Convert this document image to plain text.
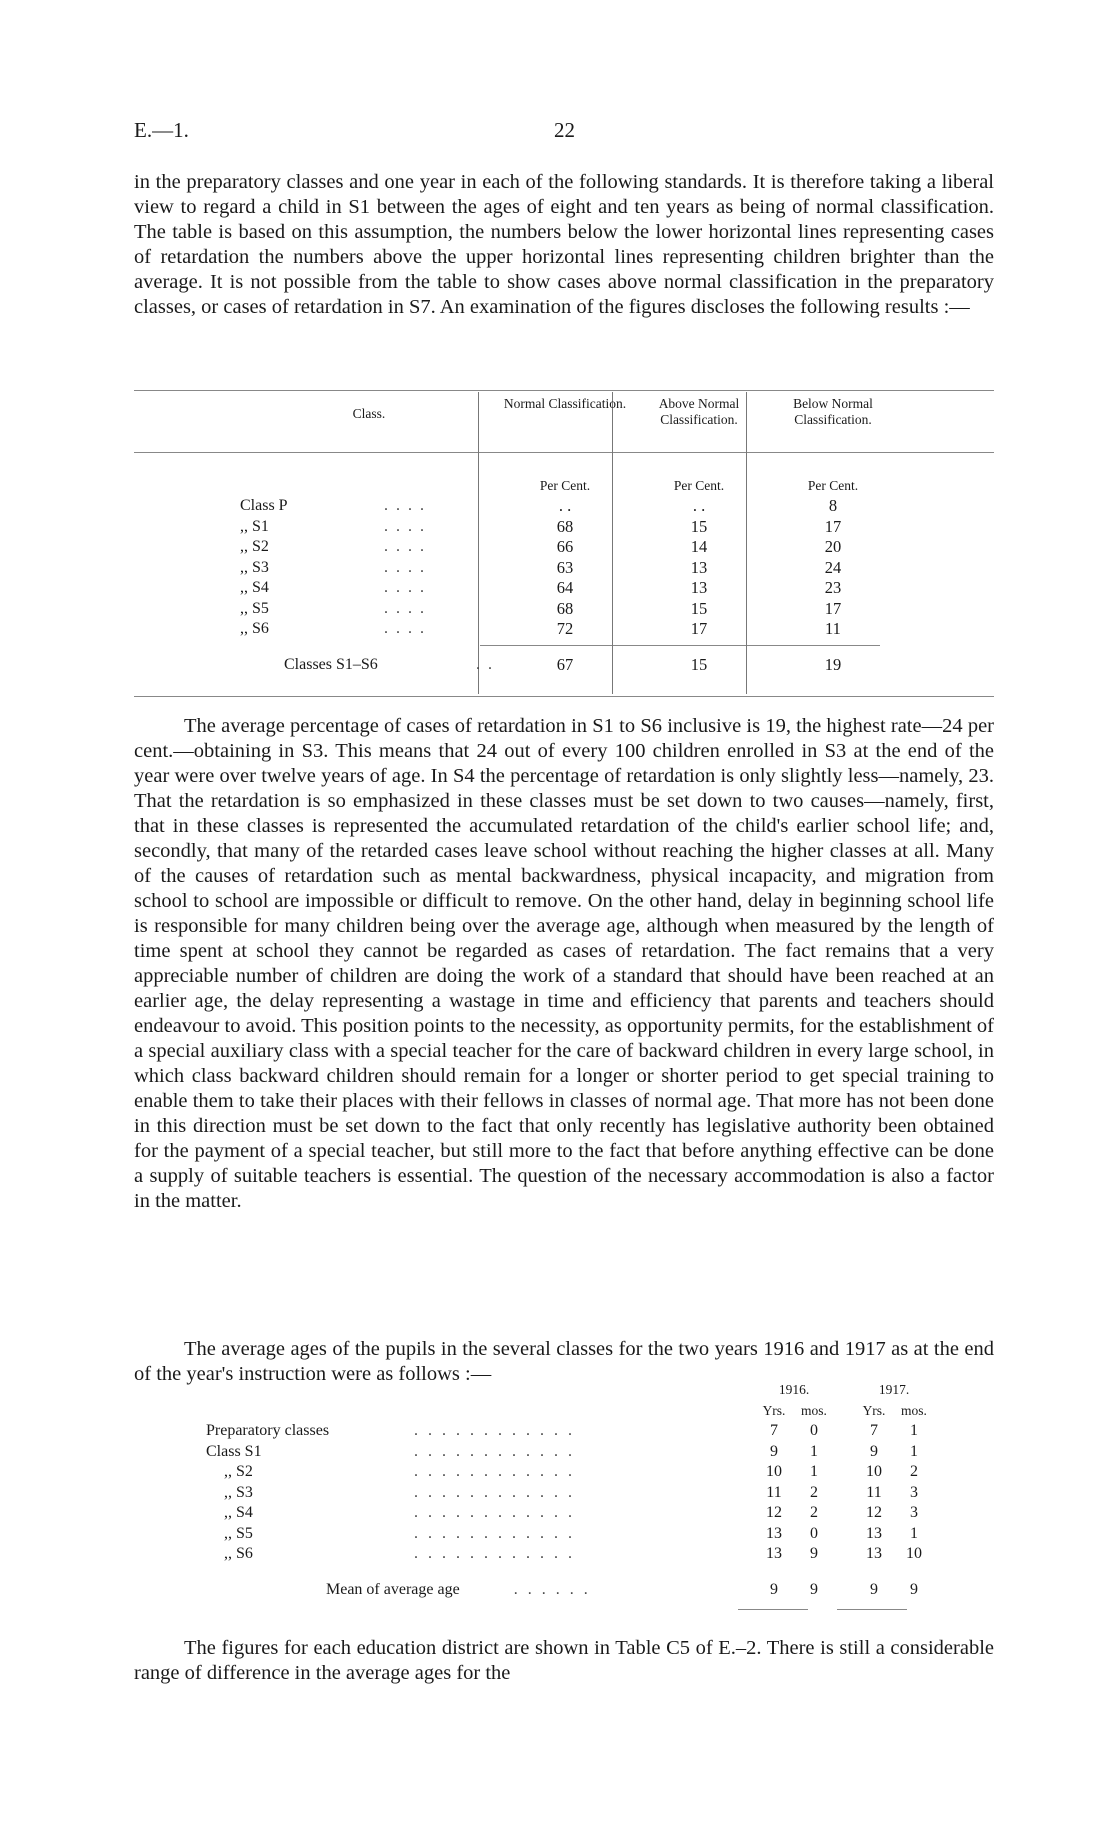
E.—1.	22

in the preparatory classes and one year in each of the following standards. It is therefore taking a liberal view to regard a child in S1 between the ages of eight and ten years as being of normal classification. The table is based on this assumption, the numbers below the lower horizontal lines representing cases of retardation the numbers above the upper horizontal lines representing children brighter than the average. It is not possible from the table to show cases above normal classification in the preparatory classes, or cases of retardation in S7. An examination of the figures discloses the following results :—

Class.		Normal Classification.	Above Normal Classification.	Below Normal Classification.
		Per Cent.	Per Cent.	Per Cent.
Class P	. . . .	. .	. .	8
,, S1	. . . .	68	15	17
,, S2	. . . .	66	14	20
,, S3	. . . .	63	13	24
,, S4	. . . .	64	13	23
,, S5	. . . .	68	15	17
,, S6	. . . .	72	17	11
Classes S1–S6	. .	67	15	19

The average percentage of cases of retardation in S1 to S6 inclusive is 19, the highest rate—24 per cent.—obtaining in S3. This means that 24 out of every 100 children enrolled in S3 at the end of the year were over twelve years of age. In S4 the percentage of retardation is only slightly less—namely, 23. That the retardation is so emphasized in these classes must be set down to two causes—namely, first, that in these classes is represented the accumulated retardation of the child's earlier school life; and, secondly, that many of the retarded cases leave school without reaching the higher classes at all. Many of the causes of retardation such as mental backwardness, physical incapacity, and migration from school to school are impossible or difficult to remove. On the other hand, delay in beginning school life is responsible for many children being over the average age, although when measured by the length of time spent at school they cannot be regarded as cases of retardation. The fact remains that a very appreciable number of children are doing the work of a standard that should have been reached at an earlier age, the delay representing a wastage in time and efficiency that parents and teachers should endeavour to avoid. This position points to the necessity, as opportunity permits, for the establishment of a special auxiliary class with a special teacher for the care of backward children in every large school, in which class backward children should remain for a longer or shorter period to get special training to enable them to take their places with their fellows in classes of normal age. That more has not been done in this direction must be set down to the fact that only recently has legislative authority been obtained for the payment of a special teacher, but still more to the fact that before anything effective can be done a supply of suitable teachers is essential. The question of the necessary accommodation is also a factor in the matter.

The average ages of the pupils in the several classes for the two years 1916 and 1917 as at the end of the year's instruction were as follows :—

		1916.			1917.	
		Yrs.	mos.		Yrs.	mos.
Preparatory classes	. . . . . . . . . . . .	7	0		7	1
Class S1	. . . . . . . . . . . .	9	1		9	1
,, S2	. . . . . . . . . . . .	10	1		10	2
,, S3	. . . . . . . . . . . .	11	2		11	3
,, S4	. . . . . . . . . . . .	12	2		12	3
,, S5	. . . . . . . . . . . .	13	0		13	1
,, S6	. . . . . . . . . . . .	13	9		13	10
Mean of average age . . . . . .		9	9		9	9

The figures for each education district are shown in Table C5 of E.–2. There is still a considerable range of difference in the average ages for the
